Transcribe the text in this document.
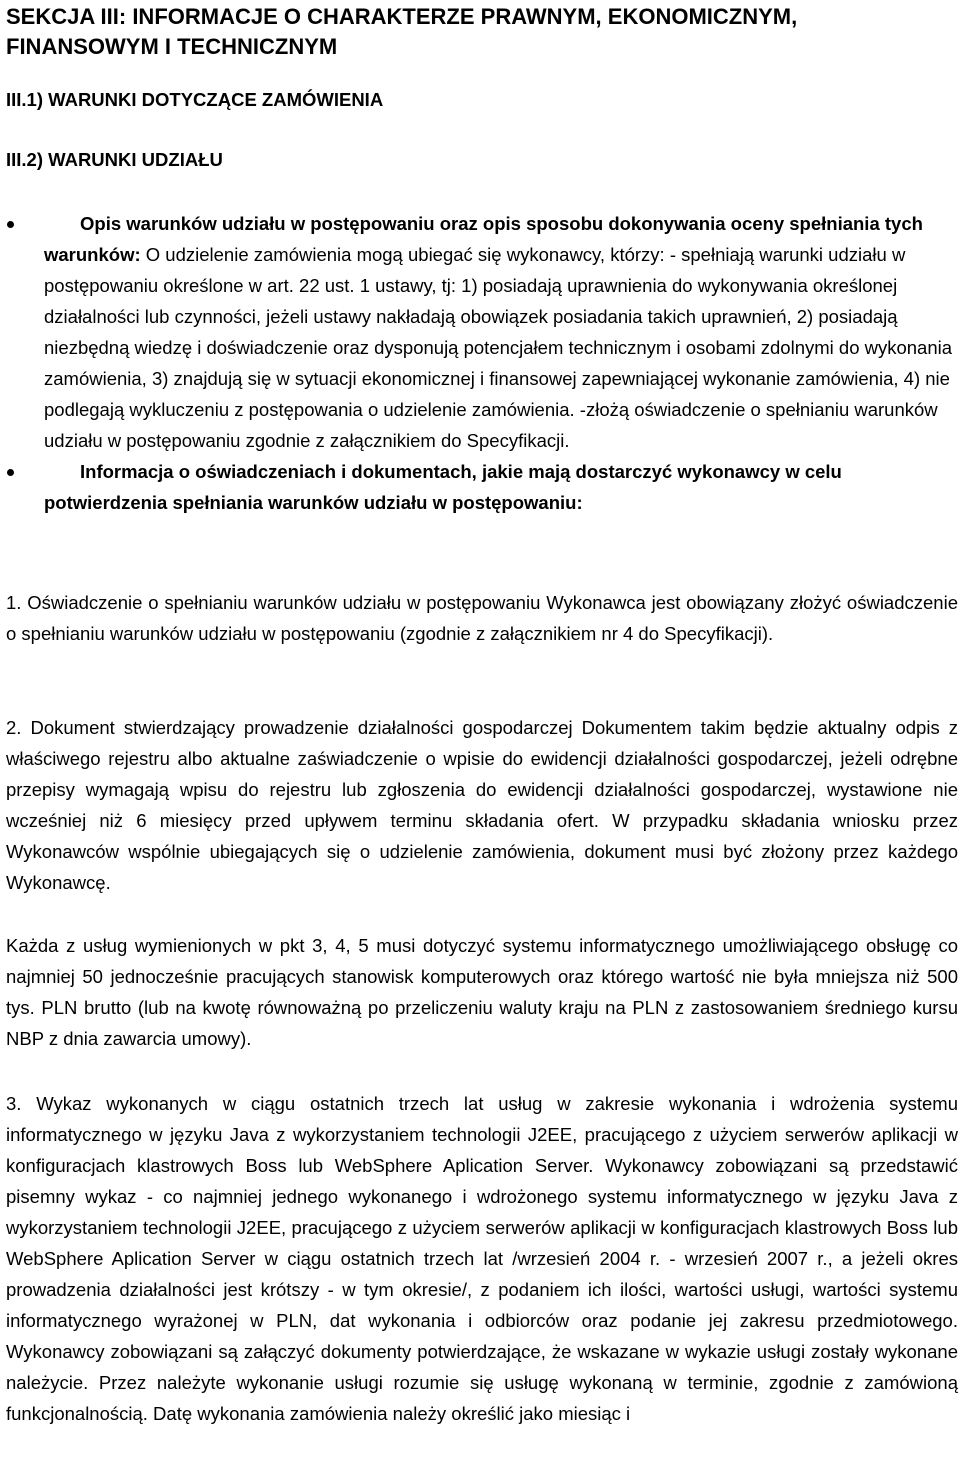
SEKCJA III: INFORMACJE O CHARAKTERZE PRAWNYM, EKONOMICZNYM, FINANSOWYM I TECHNICZNYM
III.1) WARUNKI DOTYCZĄCE ZAMÓWIENIA
III.2) WARUNKI UDZIAŁU
Opis warunków udziału w postępowaniu oraz opis sposobu dokonywania oceny spełniania tych warunków: O udzielenie zamówienia mogą ubiegać się wykonawcy, którzy: - spełniają warunki udziału w postępowaniu określone w art. 22 ust. 1 ustawy, tj: 1) posiadają uprawnienia do wykonywania określonej działalności lub czynności, jeżeli ustawy nakładają obowiązek posiadania takich uprawnień, 2) posiadają niezbędną wiedzę i doświadczenie oraz dysponują potencjałem technicznym i osobami zdolnymi do wykonania zamówienia, 3) znajdują się w sytuacji ekonomicznej i finansowej zapewniającej wykonanie zamówienia, 4) nie podlegają wykluczeniu z postępowania o udzielenie zamówienia. -złożą oświadczenie o spełnianiu warunków udziału w postępowaniu zgodnie z załącznikiem do Specyfikacji.
Informacja o oświadczeniach i dokumentach, jakie mają dostarczyć wykonawcy w celu potwierdzenia spełniania warunków udziału w postępowaniu:

1. Oświadczenie o spełnianiu warunków udziału w postępowaniu Wykonawca jest obowiązany złożyć oświadczenie o spełnianiu warunków udziału w postępowaniu (zgodnie z załącznikiem nr 4 do Specyfikacji).

2. Dokument stwierdzający prowadzenie działalności gospodarczej Dokumentem takim będzie aktualny odpis z właściwego rejestru albo aktualne zaświadczenie o wpisie do ewidencji działalności gospodarczej, jeżeli odrębne przepisy wymagają wpisu do rejestru lub zgłoszenia do ewidencji działalności gospodarczej, wystawione nie wcześniej niż 6 miesięcy przed upływem terminu składania ofert. W przypadku składania wniosku przez Wykonawców wspólnie ubiegających się o udzielenie zamówienia, dokument musi być złożony przez każdego Wykonawcę.

Każda z usług wymienionych w pkt 3, 4, 5 musi dotyczyć systemu informatycznego umożliwiającego obsługę co najmniej 50 jednocześnie pracujących stanowisk komputerowych oraz którego wartość nie była mniejsza niż 500 tys. PLN brutto (lub na kwotę równoważną po przeliczeniu waluty kraju na PLN z zastosowaniem średniego kursu NBP z dnia zawarcia umowy).

3. Wykaz wykonanych w ciągu ostatnich trzech lat usług w zakresie wykonania i wdrożenia systemu informatycznego w języku Java z wykorzystaniem technologii J2EE, pracującego z użyciem serwerów aplikacji w konfiguracjach klastrowych Boss lub WebSphere Aplication Server. Wykonawcy zobowiązani są przedstawić pisemny wykaz - co najmniej jednego wykonanego i wdrożonego systemu informatycznego w języku Java z wykorzystaniem technologii J2EE, pracującego z użyciem serwerów aplikacji w konfiguracjach klastrowych Boss lub WebSphere Aplication Server w ciągu ostatnich trzech lat /wrzesień 2004 r. - wrzesień 2007 r., a jeżeli okres prowadzenia działalności jest krótszy - w tym okresie/, z podaniem ich ilości, wartości usługi, wartości systemu informatycznego wyrażonej w PLN, dat wykonania i odbiorców oraz podanie jej zakresu przedmiotowego. Wykonawcy zobowiązani są załączyć dokumenty potwierdzające, że wskazane w wykazie usługi zostały wykonane należycie. Przez należyte wykonanie usługi rozumie się usługę wykonaną w terminie, zgodnie z zamówioną funkcjonalnością. Datę wykonania zamówienia należy określić jako miesiąc i
